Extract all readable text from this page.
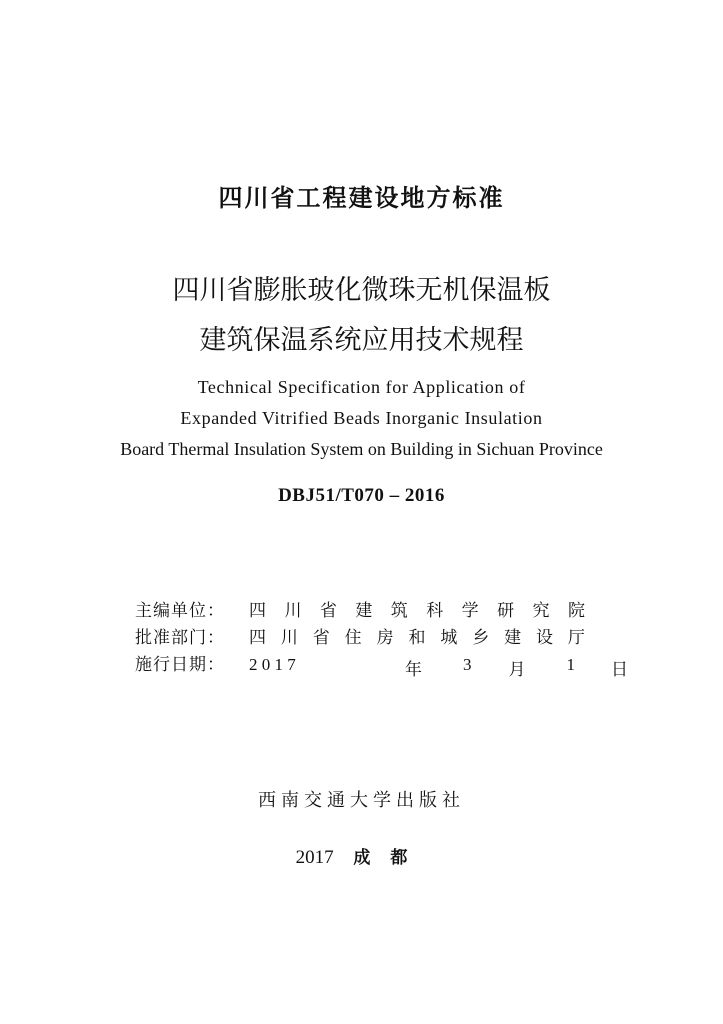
四川省工程建设地方标准
四川省膨胀玻化微珠无机保温板
建筑保温系统应用技术规程
Technical Specification for Application of
Expanded Vitrified Beads Inorganic Insulation
Board Thermal Insulation System on Building in Sichuan Province
DBJ51/T070 – 2016
主编单位：	四 川 省 建 筑 科 学 研 究 院
批准部门：	四 川 省 住 房 和 城 乡 建 设 厅
施行日期：	2 0 1 7	年 3 月 1 日
西南交通大学出版社
2017 成都
